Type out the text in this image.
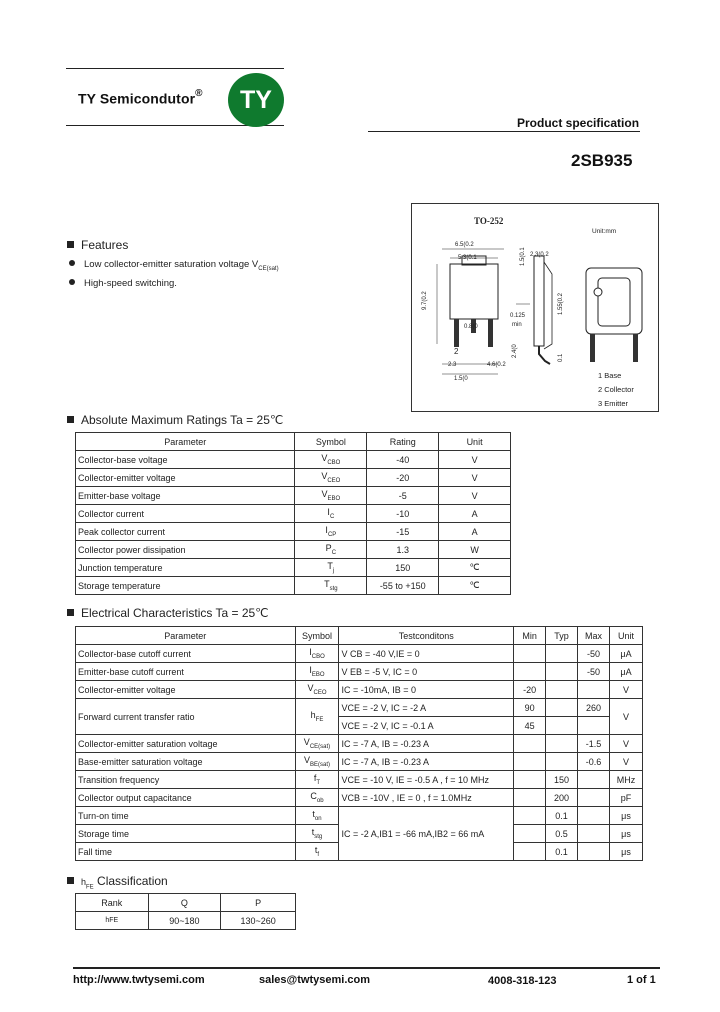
TY Semicondutor® TY
Product specification
2SB935
TO-252
Unit:mm
6.5(0.2
5.3(0.1
0.8(0
2
2.3	4.6(0.2
1.5(0
9.7(0.2
2.3(0.2
1.5(0.1
0.125
min
2.4(0
1.55(0.2
0.1
1 Base
2 Collector
3 Emitter
Features
Low collector-emitter saturation voltage $V_{CE(sat)}$
High-speed switching.
Absolute Maximum Ratings Ta = 25℃
Parameter	Symbol	Rating	Unit
Collector-base voltage	$V_{CBO}$	-40	V
Collector-emitter voltage	$V_{CEO}$	-20	V
Emitter-base voltage	$V_{EBO}$	-5	V
Collector current	$I_C$	-10	A
Peak collector current	$I_{CP}$	-15	A
Collector power dissipation	$P_C$	1.3	W
Junction temperature	$T_j$	150	℃
Storage temperature	$T_{stg}$	-55 to +150	℃
Electrical Characteristics Ta = 25℃
Parameter	Symbol	Testconditons	Min	Typ	Max	Unit
Collector-base cutoff current	$I_{CBO}$	V CB = -40 V,IE = 0			-50	μA
Emitter-base cutoff current	$I_{EBO}$	V EB = -5 V, IC = 0			-50	μA
Collector-emitter voltage	$V_{CEO}$	IC = -10mA, IB = 0	-20			V
Forward current transfer ratio	$h_{FE}$	VCE = -2 V, IC = -2 A	90		260	V
		VCE = -2 V, IC = -0.1 A	45			
Collector-emitter saturation voltage	$V_{CE(sat)}$	IC = -7 A, IB = -0.23 A			-1.5	V
Base-emitter saturation voltage	$V_{BE(sat)}$	IC = -7 A, IB = -0.23 A			-0.6	V
Transition frequency	$f_T$	VCE = -10 V, IE = -0.5 A , f = 10 MHz		150		MHz
Collector output capacitance	$C_{ob}$	VCB = -10V , IE = 0 , f = 1.0MHz		200		pF
Turn-on time	$t_{on}$	IC = -2 A,IB1 = -66 mA,IB2 = 66 mA		0.1		μs
Storage time	$t_{stg}$			0.5		μs
Fall time	$t_f$			0.1		μs
$h_{FE}$ Classification
Rank	Q	P
hFE	90~180	130~260
http://www.twtysemi.com	sales@twtysemi.com	4008-318-123	1 of 1
